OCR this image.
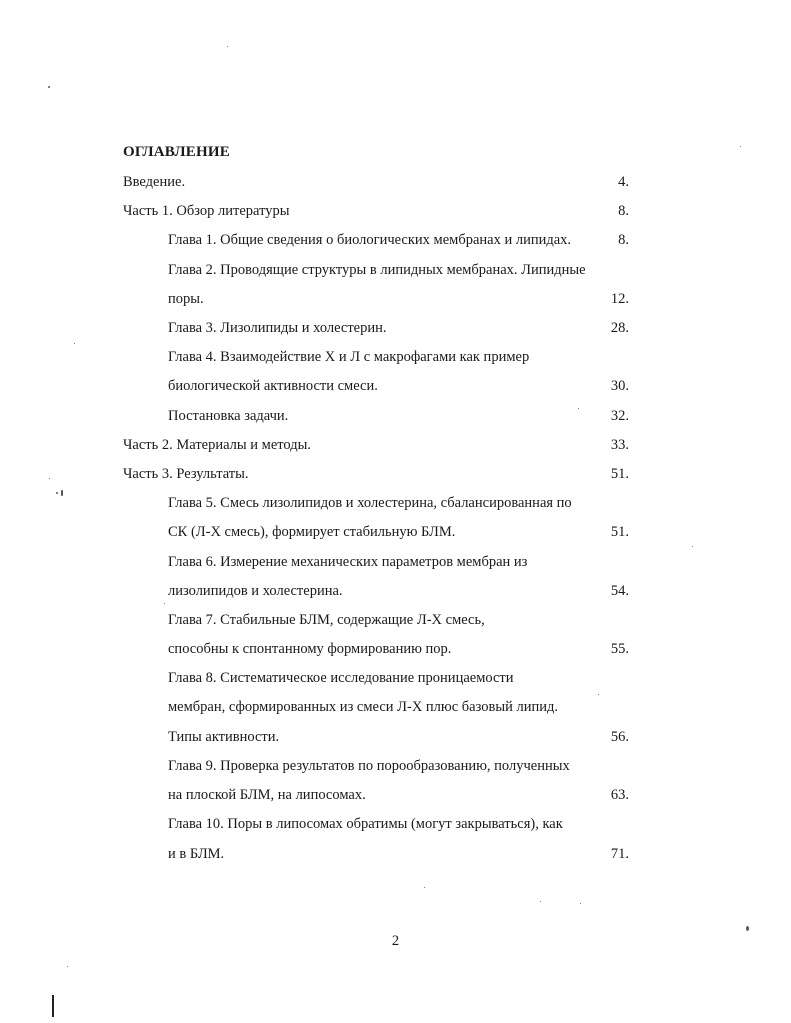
ОГЛАВЛЕНИЕ
Введение.	4.
Часть 1. Обзор литературы	8.
Глава 1. Общие сведения о биологических мембранах и липидах.	8.
Глава 2. Проводящие структуры в липидных мембранах. Липидные
поры.	12.
Глава 3. Лизолипиды и холестерин.	28.
Глава 4. Взаимодействие X и Л с макрофагами как пример
биологической активности смеси.	30.
Постановка задачи.	32.
Часть 2. Материалы и методы.	33.
Часть 3. Результаты.	51.
Глава 5. Смесь лизолипидов и холестерина, сбалансированная по
СК (Л-Х смесь), формирует стабильную БЛМ.	51.
Глава 6. Измерение механических параметров мембран из
лизолипидов и холестерина.	54.
Глава 7. Стабильные БЛМ, содержащие Л-Х смесь,
способны к спонтанному формированию пор.	55.
Глава 8. Систематическое исследование проницаемости
мембран, сформированных из смеси Л-Х плюс базовый липид.
Типы активности.	56.
Глава 9. Проверка результатов по порообразованию, полученных
на плоской БЛМ, на липосомах.	63.
Глава 10. Поры в липосомах обратимы (могут закрываться), как
и в БЛМ.	71.
2
